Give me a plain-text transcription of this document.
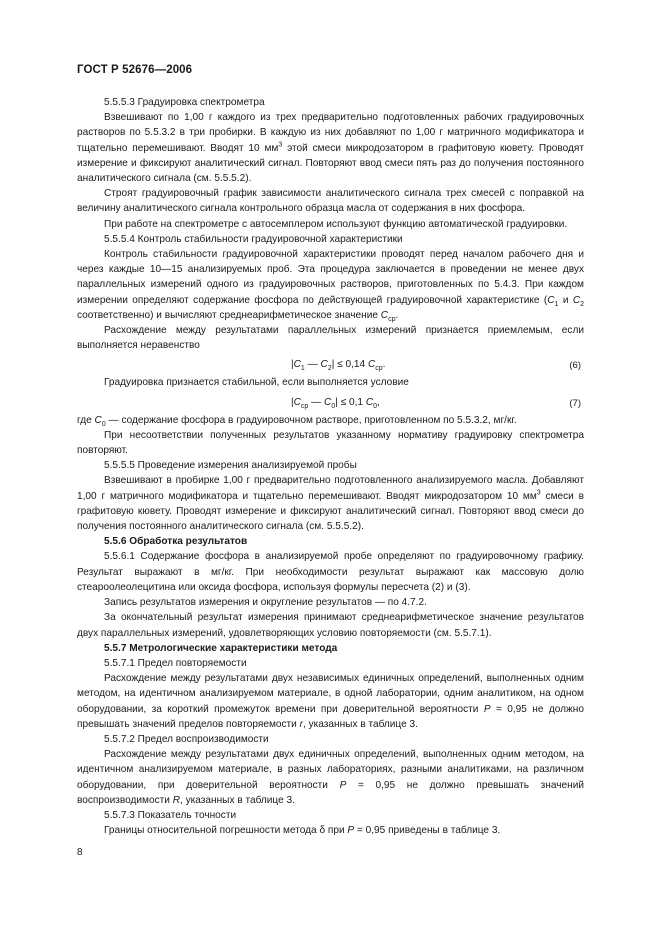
ГОСТ Р 52676—2006

5.5.5.3 Градуировка спектрометра

Взвешивают по 1,00 г каждого из трех предварительно подготовленных рабочих градуировочных растворов по 5.5.3.2 в три пробирки. В каждую из них добавляют по 1,00 г матричного модификатора и тщательно перемешивают. Вводят 10 $мм^3$ этой смеси микродозатором в графитовую кювету. Проводят измерение и фиксируют аналитический сигнал. Повторяют ввод смеси пять раз до получения постоянного аналитического сигнала (см. 5.5.5.2).

Строят градуировочный график зависимости аналитического сигнала трех смесей с поправкой на величину аналитического сигнала контрольного образца масла от содержания в них фосфора.

При работе на спектрометре с автосемплером используют функцию автоматической градуировки.

5.5.5.4 Контроль стабильности градуировочной характеристики

Контроль стабильности градуировочной характеристики проводят перед началом рабочего дня и через каждые 10—15 анализируемых проб. Эта процедура заключается в проведении не менее двух параллельных измерений одного из градуировочных растворов, приготовленных по 5.4.3. При каждом измерении определяют содержание фосфора по действующей градуировочной характеристике ($C_1$ и $C_2$ соответственно) и вычисляют среднеарифметическое значение $C_{ср}$.

Расхождение между результатами параллельных измерений признается приемлемым, если выполняется неравенство

$|C_1$ — $C_2| \le 0,14$ $C_{ср}$.	(6)

Градуировка признается стабильной, если выполняется условие

$|C_{ср}$ — $C_0| \le 0,1$ $C_0$,	(7)

где $C_0$ — содержание фосфора в градуировочном растворе, приготовленном по 5.5.3.2, мг/кг.

При несоответствии полученных результатов указанному нормативу градуировку спектрометра повторяют.

5.5.5.5 Проведение измерения анализируемой пробы

Взвешивают в пробирке 1,00 г предварительно подготовленного анализируемого масла. Добавляют 1,00 г матричного модификатора и тщательно перемешивают. Вводят микродозатором 10 $мм^3$ смеси в графитовую кювету. Проводят измерение и фиксируют аналитический сигнал. Повторяют ввод смеси до получения постоянного аналитического сигнала (см. 5.5.5.2).

5.5.6 Обработка результатов

5.5.6.1 Содержание фосфора в анализируемой пробе определяют по градуировочному графику. Результат выражают в мг/кг. При необходимости результат выражают как массовую долю стеароолеолецитина или оксида фосфора, используя формулы пересчета (2) и (3).

Запись результатов измерения и округление результатов — по 4.7.2.

За окончательный результат измерения принимают среднеарифметическое значение результатов двух параллельных измерений, удовлетворяющих условию повторяемости (см. 5.5.7.1).

5.5.7 Метрологические характеристики метода

5.5.7.1 Предел повторяемости

Расхождение между результатами двух независимых единичных определений, выполненных одним методом, на идентичном анализируемом материале, в одной лаборатории, одним аналитиком, на одном оборудовании, за короткий промежуток времени при доверительной вероятности P = 0,95 не должно превышать значений пределов повторяемости r, указанных в таблице 3.

5.5.7.2 Предел воспроизводимости

Расхождение между результатами двух единичных определений, выполненных одним методом, на идентичном анализируемом материале, в разных лабораториях, разными аналитиками, на различном оборудовании, при доверительной вероятности P = 0,95 не должно превышать значений воспроизводимости R, указанных в таблице 3.

5.5.7.3 Показатель точности

Границы относительной погрешности метода δ при P = 0,95 приведены в таблице 3.

8
